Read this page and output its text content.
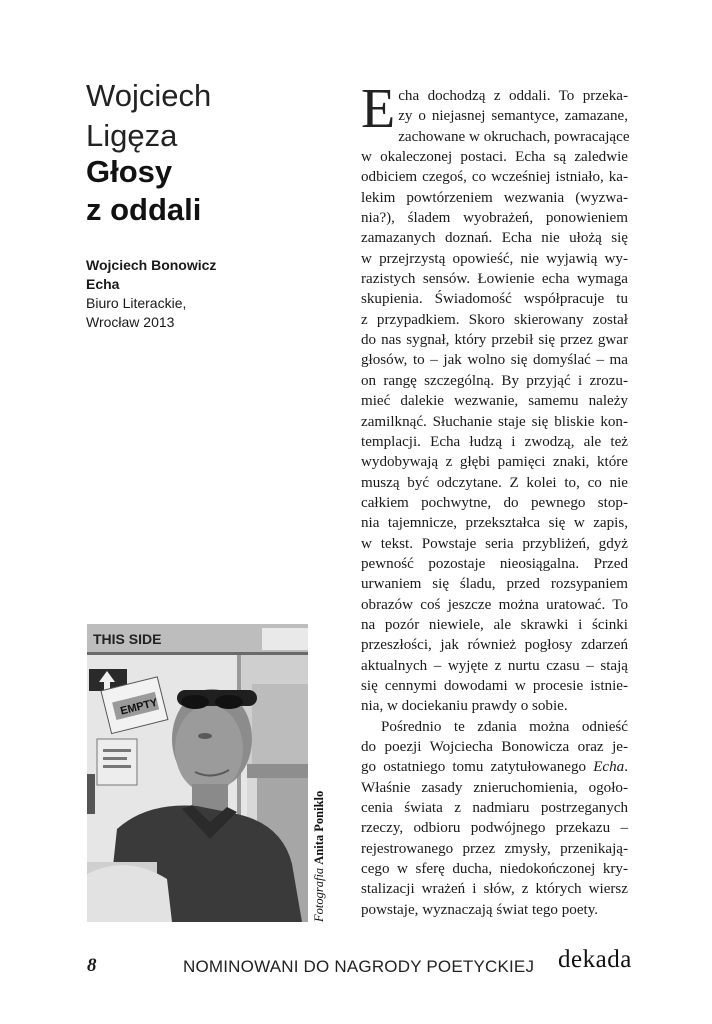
Wojciech
Ligęza
Głosy
z oddali
Wojciech Bonowicz
Echa
Biuro Literackie,
Wrocław 2013
THIS SIDE
EMPTY
Fotografia Anita Poniklo

E cha dochodzą z oddali. To przeka-
zy o niejasnej semantyce, zamazane,
zachowane w okruchach, powracające
w okaleczonej postaci. Echa są zaledwie
odbiciem czegoś, co wcześniej istniało, ka-
lekim powtórzeniem wezwania (wyzwa-
nia?), śladem wyobrażeń, ponowieniem
zamazanych doznań. Echa nie ułożą się
w przejrzystą opowieść, nie wyjawią wy-
razistych sensów. Łowienie echa wymaga
skupienia. Świadomość współpracuje tu
z przypadkiem. Skoro skierowany został
do nas sygnał, który przebił się przez gwar
głosów, to – jak wolno się domyślać – ma
on rangę szczególną. By przyjąć i zrozu-
mieć dalekie wezwanie, samemu należy
zamilknąć. Słuchanie staje się bliskie kon-
templacji. Echa łudzą i zwodzą, ale też
wydobywają z głębi pamięci znaki, które
muszą być odczytane. Z kolei to, co nie
całkiem pochwytne, do pewnego stop-
nia tajemnicze, przekształca się w zapis,
w tekst. Powstaje seria przybliżeń, gdyż
pewność pozostaje nieosiągalna. Przed
urwaniem się śladu, przed rozsypaniem
obrazów coś jeszcze można uratować. To
na pozór niewiele, ale skrawki i ścinki
przeszłości, jak również pogłosy zdarzeń
aktualnych – wyjęte z nurtu czasu – stają
się cennymi dowodami w procesie istnie-
nia, w dociekaniu prawdy o sobie.

Pośrednio te zdania można odnieść
do poezji Wojciecha Bonowicza oraz je-
go ostatniego tomu zatytułowanego Echa.
Właśnie zasady znieruchomienia, ogoło-
cenia świata z nadmiaru postrzeganych
rzeczy, odbioru podwójnego przekazu –
rejestrowanego przez zmysły, przenikają-
cego w sferę ducha, niedokończonej kry-
stalizacji wrażeń i słów, z których wiersz
powstaje, wyznaczają świat tego poety.

8	NOMINOWANI DO NAGRODY POETYCKIEJ dekada
